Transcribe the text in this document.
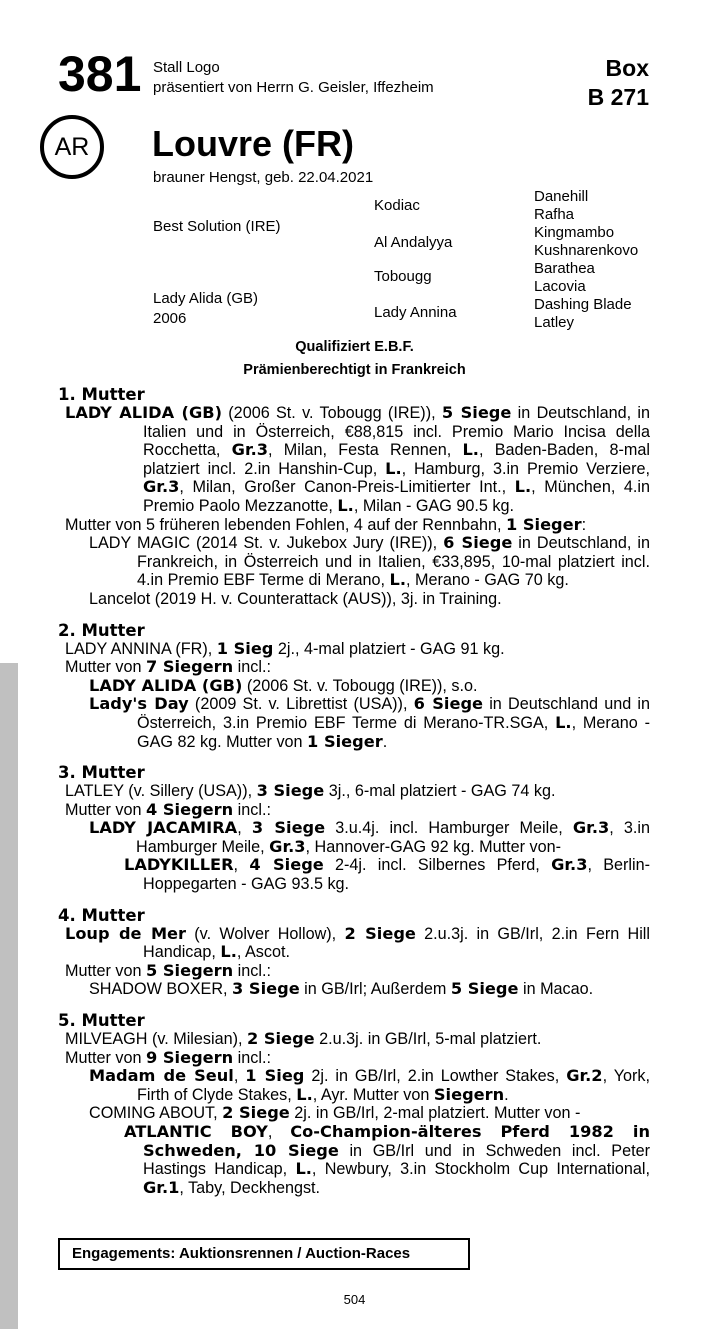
381 Stall Logo
präsentiert von Herrn G. Geisler, Iffezheim
Box
B 271
AR	Louvre (FR)
brauner Hengst, geb. 22.04.2021
Best Solution (IRE)
Lady Alida (GB)
2006
Kodiac
Al Andalyya
Tobougg
Lady Annina
Danehill
Rafha
Kingmambo
Kushnarenkovo
Barathea
Lacovia
Dashing Blade
Latley
Qualifiziert E.B.F.
Prämienberechtigt in Frankreich
1. Mutter
LADY ALIDA (GB) (2006 St. v. Tobougg (IRE)), 5 Siege in Deutschland, in Italien und in Österreich, €88,815 incl. Premio Mario Incisa della Rocchetta, Gr.3, Milan, Festa Rennen, L., Baden-Baden, 8-mal platziert incl. 2.in Hanshin-Cup, L., Hamburg, 3.in Premio Verziere, Gr.3, Milan, Großer Canon-Preis-Limitierter Int., L., München, 4.in Premio Paolo Mezzanotte, L., Milan - GAG 90.5 kg.
Mutter von 5 früheren lebenden Fohlen, 4 auf der Rennbahn, 1 Sieger:
LADY MAGIC (2014 St. v. Jukebox Jury (IRE)), 6 Siege in Deutschland, in Frankreich, in Österreich und in Italien, €33,895, 10-mal platziert incl. 4.in Premio EBF Terme di Merano, L., Merano - GAG 70 kg.
Lancelot (2019 H. v. Counterattack (AUS)), 3j. in Training.
2. Mutter
LADY ANNINA (FR), 1 Sieg 2j., 4-mal platziert - GAG 91 kg.
Mutter von 7 Siegern incl.:
LADY ALIDA (GB) (2006 St. v. Tobougg (IRE)), s.o.
Lady's Day (2009 St. v. Librettist (USA)), 6 Siege in Deutschland und in Österreich, 3.in Premio EBF Terme di Merano-TR.SGA, L., Merano - GAG 82 kg. Mutter von 1 Sieger.
3. Mutter
LATLEY (v. Sillery (USA)), 3 Siege 3j., 6-mal platziert - GAG 74 kg.
Mutter von 4 Siegern incl.:
LADY JACAMIRA, 3 Siege 3.u.4j. incl. Hamburger Meile, Gr.3, 3.in Hamburger Meile, Gr.3, Hannover-GAG 92 kg. Mutter von-
LADYKILLER, 4 Siege 2-4j. incl. Silbernes Pferd, Gr.3, Berlin-Hoppegarten - GAG 93.5 kg.
4. Mutter
Loup de Mer (v. Wolver Hollow), 2 Siege 2.u.3j. in GB/Irl, 2.in Fern Hill Handicap, L., Ascot.
Mutter von 5 Siegern incl.:
SHADOW BOXER, 3 Siege in GB/Irl; Außerdem 5 Siege in Macao.
5. Mutter
MILVEAGH (v. Milesian), 2 Siege 2.u.3j. in GB/Irl, 5-mal platziert.
Mutter von 9 Siegern incl.:
Madam de Seul, 1 Sieg 2j. in GB/Irl, 2.in Lowther Stakes, Gr.2, York, Firth of Clyde Stakes, L., Ayr. Mutter von Siegern.
COMING ABOUT, 2 Siege 2j. in GB/Irl, 2-mal platziert. Mutter von -
ATLANTIC BOY, Co-Champion-älteres Pferd 1982 in Schweden, 10 Siege in GB/Irl und in Schweden incl. Peter Hastings Handicap, L., Newbury, 3.in Stockholm Cup International, Gr.1, Taby, Deckhengst.
Engagements: Auktionsrennen / Auction-Races
504
